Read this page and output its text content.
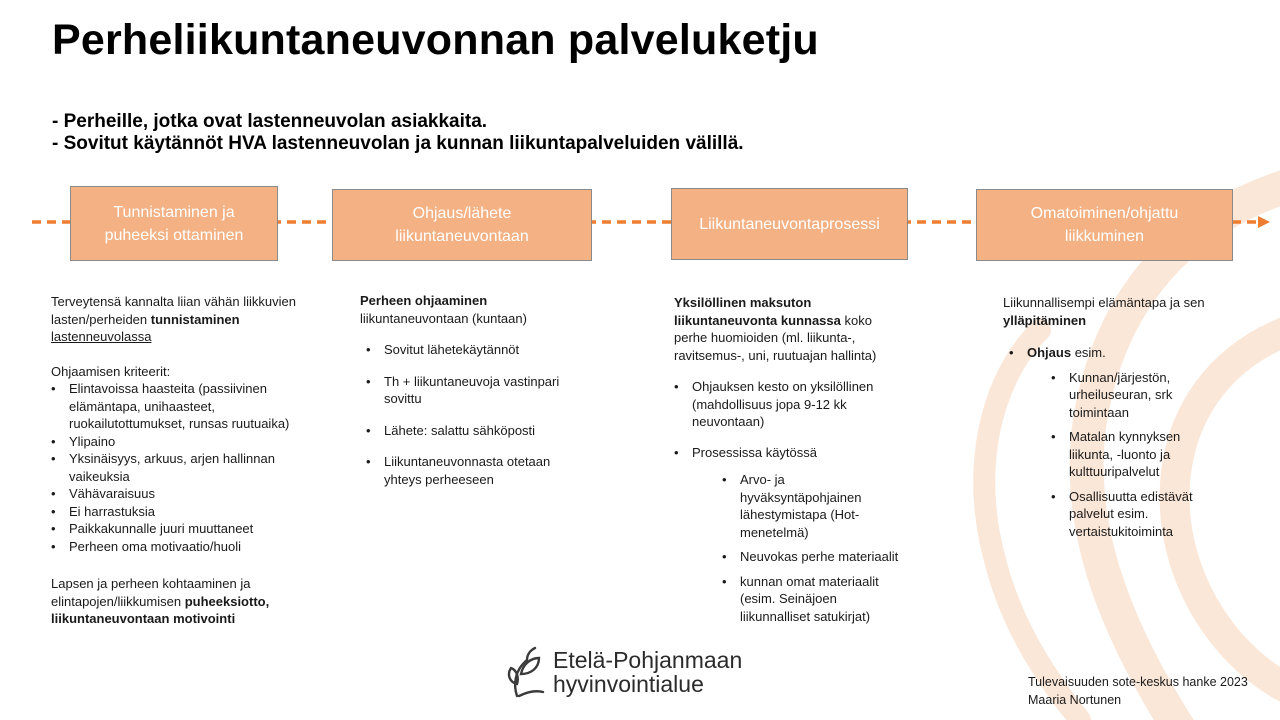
Perheliikuntaneuvonnan palveluketju
- Perheille, jotka ovat lastenneuvolan asiakkaita.
- Sovitut käytännöt HVA lastenneuvolan ja kunnan liikuntapalveluiden välillä.
Tunnistaminen ja
puheeksi ottaminen
Ohjaus/lähete
liikuntaneuvontaan
Liikuntaneuvontaprosessi
Omatoiminen/ohjattu
liikkuminen

Terveytensä kannalta liian vähän liikkuvien lasten/perheiden tunnistaminen lastenneuvolassa

Ohjaamisen kriteerit:

• Elintavoissa haasteita (passiivinen elämäntapa, unihaasteet, ruokailutottumukset, runsas ruutuaika)
• Ylipaino
• Yksinäisyys, arkuus, arjen hallinnan vaikeuksia
• Vähävaraisuus
• Ei harrastuksia
• Paikkakunnalle juuri muuttaneet
• Perheen oma motivaatio/huoli

Lapsen ja perheen kohtaaminen ja elintapojen/liikkumisen puheeksiotto, liikuntaneuvontaan motivointi

Perheen ohjaaminen
liikuntaneuvontaan (kuntaan)

• Sovitut lähetekäytännöt
• Th + liikuntaneuvoja vastinpari sovittu
• Lähete: salattu sähköposti
• Liikuntaneuvonnasta otetaan yhteys perheeseen

Yksilöllinen maksuton liikuntaneuvonta kunnassa koko perhe huomioiden (ml. liikunta-, ravitsemus-, uni, ruutuajan hallinta)

• Ohjauksen kesto on yksilöllinen (mahdollisuus jopa 9-12 kk neuvontaan)
• Prosessissa käytössä
• Arvo- ja hyväksyntäpohjainen lähestymistapa (Hot-menetelmä)
• Neuvokas perhe materiaalit
• kunnan omat materiaalit (esim. Seinäjoen liikunnalliset satukirjat)

Liikunnallisempi elämäntapa ja sen ylläpitäminen

• Ohjaus esim.
• Kunnan/järjestön, urheiluseuran, srk toimintaan
• Matalan kynnyksen liikunta, -luonto ja kulttuuripalvelut
• Osallisuutta edistävät palvelut esim. vertaistukitoiminta
Etelä-Pohjanmaan
hyvinvointialue	Tulevaisuuden sote-keskus hanke 2023
Maaria Nortunen
